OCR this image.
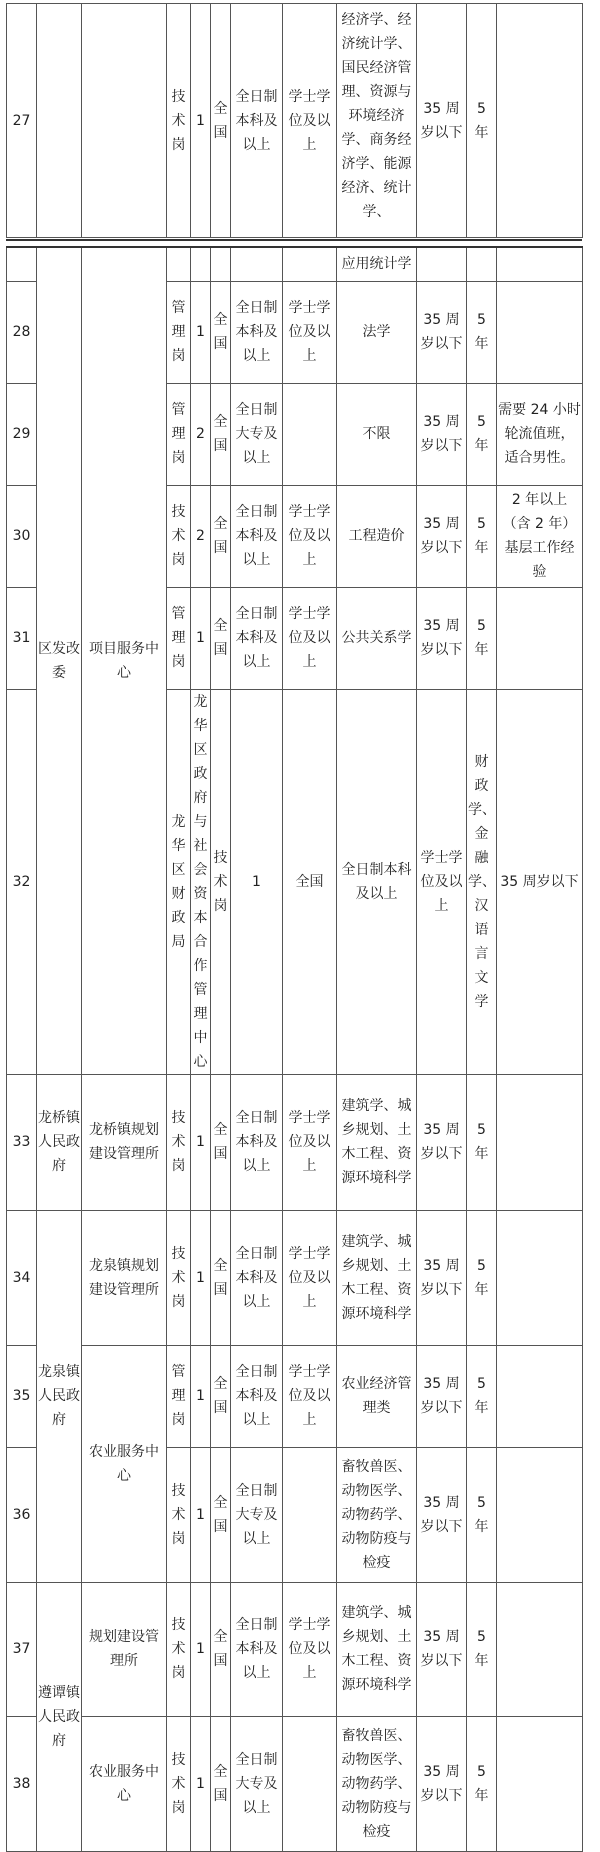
27			技术岗	1	全国	全日制本科及以上	学士学位及以上	经济学、经济统计学、国民经济管理、资源与环境经济学、商务经济学、能源经济、统计学、	35 周岁以下	5 年	
	区发改委	项目服务中心						应用统计学				
28			管理岗	1	全国	全日制本科及以上	学士学位及以上	法学	35 周岁以下	5 年		
29			管理岗	2	全国	全日制大专及以上		不限	35 周岁以下	5 年	需要 24 小时轮流值班，适合男性。	
30			技术岗	2	全国	全日制本科及以上	学士学位及以上	工程造价	35 周岁以下	5 年	2 年以上（含 2 年）基层工作经验	
31			管理岗	1	全国	全日制本科及以上	学士学位及以上	公共关系学	35 周岁以下	5 年		
32			龙华区财政局	龙华区政府与社会资本合作管理中心	技术岗	1	全国	全日制本科及以上	学士学位及以上	财政学、金融学、汉语言文学	35 周岁以下		
33	龙桥镇人民政府	龙桥镇规划建设管理所	技术岗	1	全国	全日制本科及以上	学士学位及以上	建筑学、城乡规划、土木工程、资源环境科学	35 周岁以下	5 年		
34	龙泉镇人民政府	龙泉镇规划建设管理所	技术岗	1	全国	全日制本科及以上	学士学位及以上	建筑学、城乡规划、土木工程、资源环境科学	35 周岁以下	5 年		
35		农业服务中心	管理岗	1	全国	全日制本科及以上	学士学位及以上	农业经济管理类	35 周岁以下	5 年		
36			技术岗	1	全国	全日制大专及以上		畜牧兽医、动物医学、动物药学、动物防疫与检疫	35 周岁以下	5 年		
37	遵谭镇人民政府	规划建设管理所	技术岗	1	全国	全日制本科及以上	学士学位及以上	建筑学、城乡规划、土木工程、资源环境科学	35 周岁以下	5 年		
38		农业服务中心	技术岗	1	全国	全日制大专及以上		畜牧兽医、动物医学、动物药学、动物防疫与检疫	35 周岁以下	5 年		
